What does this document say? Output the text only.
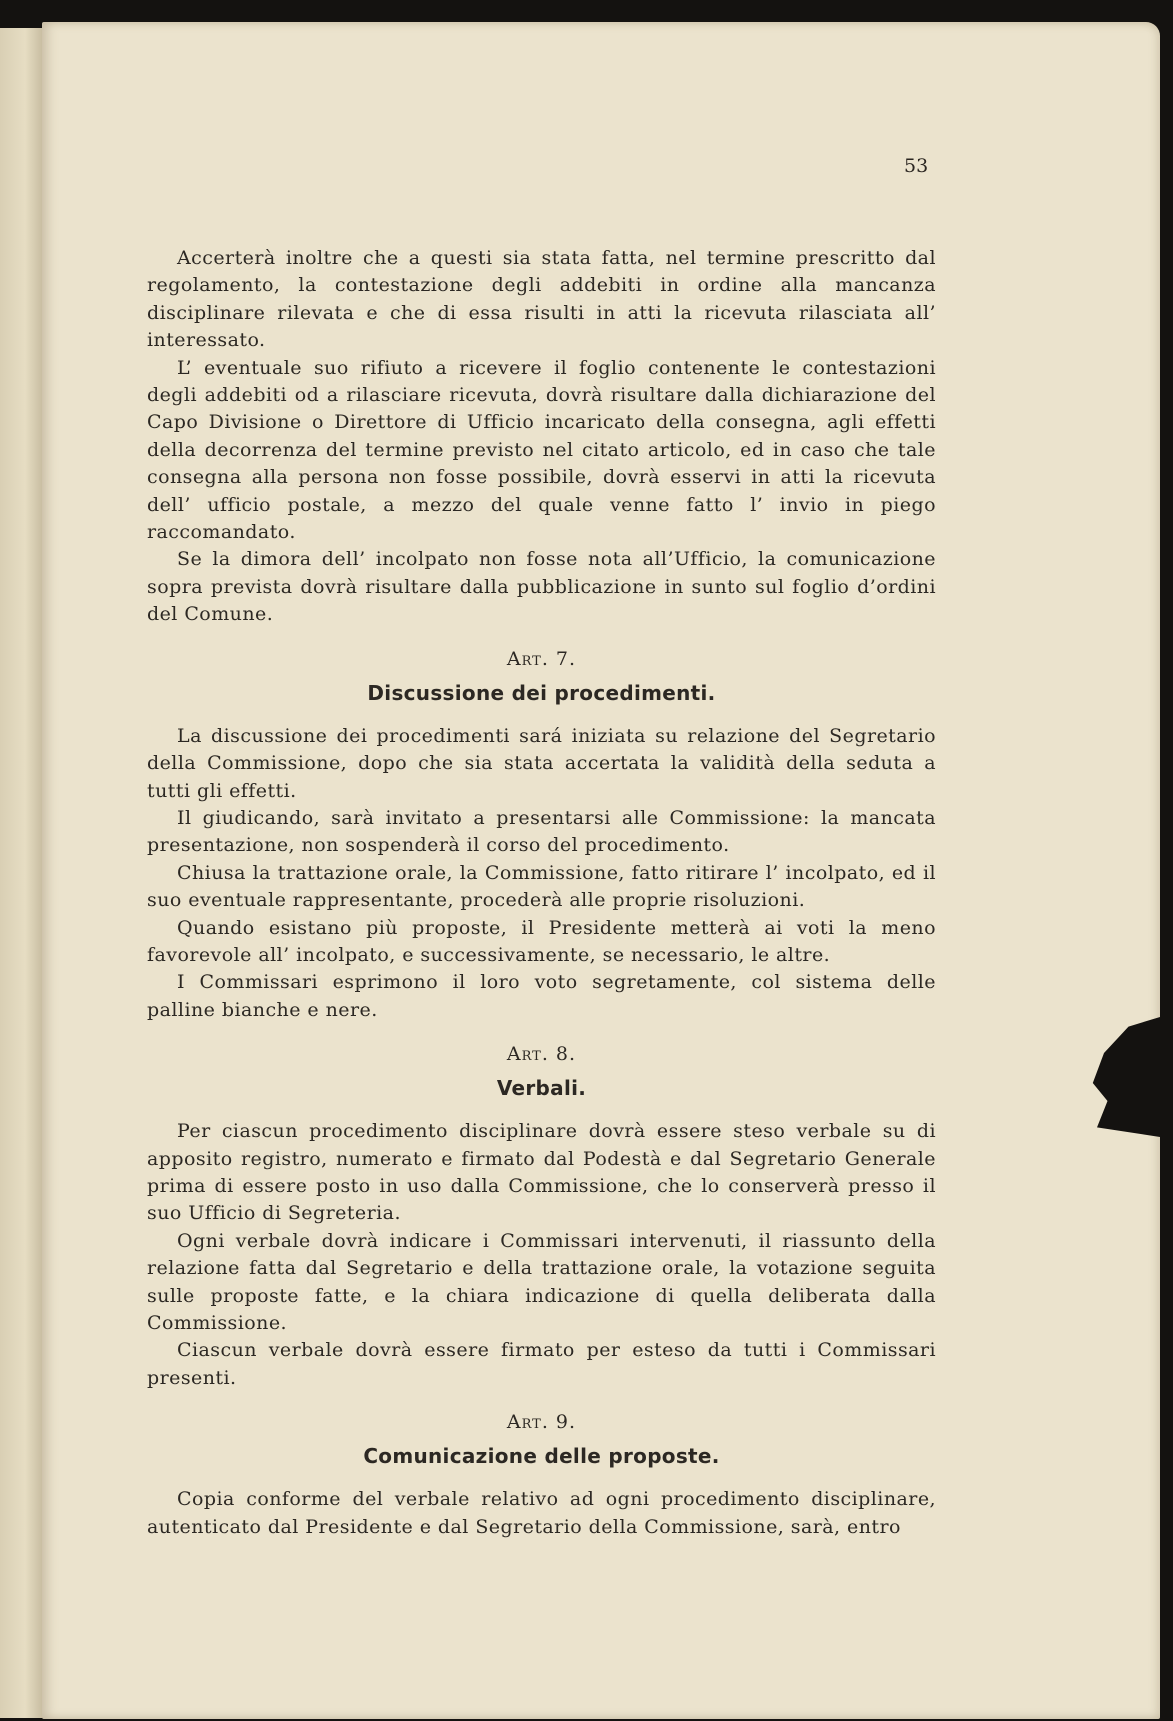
53

Accerterà inoltre che a questi sia stata fatta, nel termine prescritto dal regolamento, la contestazione degli addebiti in ordine alla mancanza disciplinare rilevata e che di essa risulti in atti la ricevuta rilasciata all’ interessato.

L’ eventuale suo rifiuto a ricevere il foglio contenente le contestazioni degli addebiti od a rilasciare ricevuta, dovrà risultare dalla dichiarazione del Capo Divisione o Direttore di Ufficio incaricato della consegna, agli effetti della decorrenza del termine previsto nel citato articolo, ed in caso che tale consegna alla persona non fosse possibile, dovrà esservi in atti la ricevuta dell’ ufficio postale, a mezzo del quale venne fatto l’ invio in piego raccomandato.

Se la dimora dell’ incolpato non fosse nota all’Ufficio, la comunicazione sopra prevista dovrà risultare dalla pubblicazione in sunto sul foglio d’ordini del Comune.

Art. 7.
Discussione dei procedimenti.

La discussione dei procedimenti sará iniziata su relazione del Segretario della Commissione, dopo che sia stata accertata la validità della seduta a tutti gli effetti.

Il giudicando, sarà invitato a presentarsi alle Commissione: la mancata presentazione, non sospenderà il corso del procedimento.

Chiusa la trattazione orale, la Commissione, fatto ritirare l’ incolpato, ed il suo eventuale rappresentante, procederà alle proprie risoluzioni.

Quando esistano più proposte, il Presidente metterà ai voti la meno favorevole all’ incolpato, e successivamente, se necessario, le altre.

I Commissari esprimono il loro voto segretamente, col sistema delle palline bianche e nere.

Art. 8.
Verbali.

Per ciascun procedimento disciplinare dovrà essere steso verbale su di apposito registro, numerato e firmato dal Podestà e dal Segretario Generale prima di essere posto in uso dalla Commissione, che lo conserverà presso il suo Ufficio di Segreteria.

Ogni verbale dovrà indicare i Commissari intervenuti, il riassunto della relazione fatta dal Segretario e della trattazione orale, la votazione seguita sulle proposte fatte, e la chiara indicazione di quella deliberata dalla Commissione.

Ciascun verbale dovrà essere firmato per esteso da tutti i Commissari presenti.

Art. 9.
Comunicazione delle proposte.

Copia conforme del verbale relativo ad ogni procedimento disciplinare, autenticato dal Presidente e dal Segretario della Commissione, sarà, entro
